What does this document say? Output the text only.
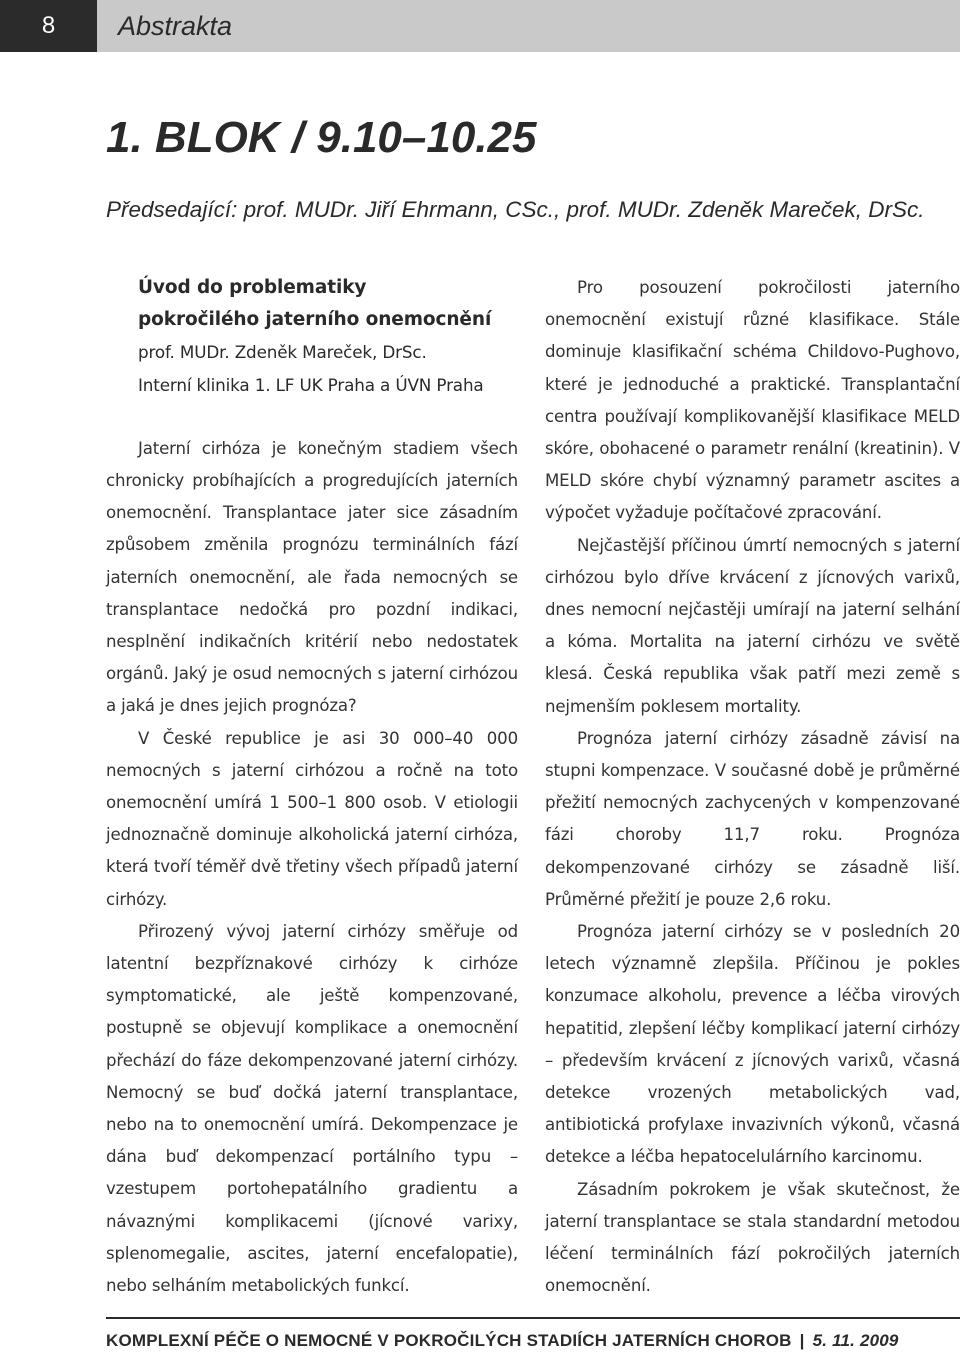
8	Abstrakta
1. BLOK / 9.10–10.25
Předsedající: prof. MUDr. Jiří Ehrmann, CSc., prof. MUDr. Zdeněk Mareček, DrSc.

Úvod do problematiky

pokročilého jaterního onemocnění

prof. MUDr. Zdeněk Mareček, DrSc.

Interní klinika 1. LF UK Praha a ÚVN Praha

Jaterní cirhóza je konečným stadiem všech chronicky probíhajících a progredujících jaterních onemocnění. Transplantace jater sice zásadním způsobem změnila prognózu terminálních fází jaterních onemocnění, ale řada nemocných se transplantace nedočká pro pozdní indikaci, nesplnění indikačních kritérií nebo nedostatek orgánů. Jaký je osud nemocných s jaterní cirhózou a jaká je dnes jejich prognóza?

V České republice je asi 30 000–40 000 nemocných s jaterní cirhózou a ročně na toto onemocnění umírá 1 500–1 800 osob. V etiologii jednoznačně dominuje alkoholická jaterní cirhóza, která tvoří téměř dvě třetiny všech případů jaterní cirhózy.

Přirozený vývoj jaterní cirhózy směřuje od latentní bezpříznakové cirhózy k cirhóze symptomatické, ale ještě kompenzované, postupně se objevují komplikace a onemocnění přechází do fáze dekompenzované jaterní cirhózy. Nemocný se buď dočká jaterní transplantace, nebo na to onemocnění umírá. Dekompenzace je dána buď dekompenzací portálního typu – vzestupem portohepatálního gradientu a návaznými komplikacemi (jícnové varixy, splenomegalie, ascites, jaterní encefalopatie), nebo selháním metabolických funkcí.

Pro posouzení pokročilosti jaterního onemocnění existují různé klasifikace. Stále dominuje klasifikační schéma Childovo-Pughovo, které je jednoduché a praktické. Transplantační centra používají komplikovanější klasifikace MELD skóre, obohacené o parametr renální (kreatinin). V MELD skóre chybí významný parametr ascites a výpočet vyžaduje počítačové zpracování.

Nejčastější příčinou úmrtí nemocných s jaterní cirhózou bylo dříve krvácení z jícnových varixů, dnes nemocní nejčastěji umírají na jaterní selhání a kóma. Mortalita na jaterní cirhózu ve světě klesá. Česká republika však patří mezi země s nejmenším poklesem mortality.

Prognóza jaterní cirhózy zásadně závisí na stupni kompenzace. V současné době je průměrné přežití nemocných zachycených v kompenzované fázi choroby 11,7 roku. Prognóza dekompenzované cirhózy se zásadně liší. Průměrné přežití je pouze 2,6 roku.

Prognóza jaterní cirhózy se v posledních 20 letech významně zlepšila. Příčinou je pokles konzumace alkoholu, prevence a léčba virových hepatitid, zlepšení léčby komplikací jaterní cirhózy – především krvácení z jícnových varixů, včasná detekce vrozených metabolických vad, antibiotická profylaxe invazivních výkonů, včasná detekce a léčba hepatocelulárního karcinomu.

Zásadním pokrokem je však skutečnost, že jaterní transplantace se stala standardní metodou léčení terminálních fází pokročilých jaterních onemocnění.

KOMPLEXNÍ PÉČE O NEMOCNÉ V POKROČILÝCH STADIÍCH JATERNÍCH CHOROB | 5. 11. 2009
